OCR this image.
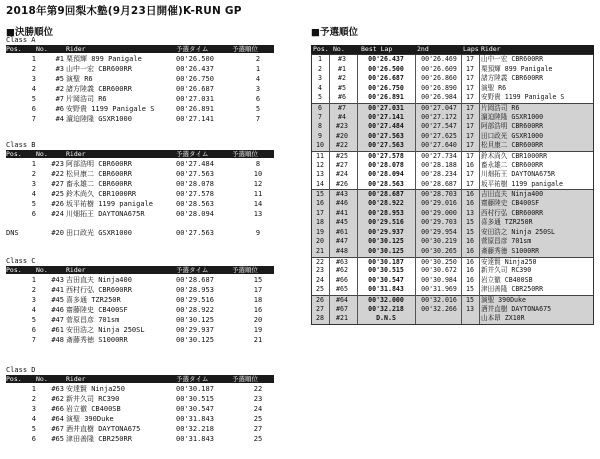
2018年第9回梨木塾(9月23日開催)K-RUN GP
■決勝順位	■予選順位
Class A
Pos. No.	Rider	予選タイム	予選順位
1	#1 栗預輝 899 Panigale	00'26.500	2
2	#3 山中一宏 CBR600RR	00'26.437	1
3	#5 演聖 R6	00'26.750	4
4	#2 諸方陸義 CBR600RR	00'26.687	3
5	#7 片岡浩司 R6	00'27.031	6
6	#6 安野貴 1199 Panigale S	00'26.891	5
7	#4 濵迫陸隆 GSXR1000	00'27.141	7
Class B
Pos. No.	Rider	予選タイム	予選順位
1	#23 阿部浩明 CBR600RR	00'27.484	8
2	#22 松貝康二 CBR600RR	00'27.563	10
3	#27 畜永雄二 CBR600RR	00'28.078	12
4	#25 鈴木尚久 CBR1000RR	00'27.578	11
5	#26 坂平祐樹 1199 panigale	00'28.563	14
6	#24 川畑拓王 DAYTONA675R	00'28.094	13
DNS	#20 田口政光 GSXR1000	00'27.563	9
Class C
Pos. No.	Rider	予選タイム	予選順位
1	#43 吉田直夫 Ninja400	00'28.687	15
2	#41 西村行弘 CBR600RR	00'28.953	17
3	#45 喜多通 TZR250R	00'29.516	18
4	#46 齋藤陸史 CB400SF	00'28.922	16
5	#47 菅原昌彦 701sm	00'30.125	20
6	#61 安田浩之 Ninja 250SL	00'29.937	19
7	#48 斎藤秀徳 S1000RR	00'30.125	21
Class D
Pos. No.	Rider	予選タイム	予選順位
1	#63 安達賢 Ninja250	00'30.187	22
2	#62 新井久司 RC390	00'30.515	23
3	#66 岩立徹 CB400SB	00'30.547	24
4	#64 演聖 390Duke	00'31.843	25
5	#67 酒井直樹 DAYTONA675	00'32.218	27
6	#65 津田善隆 CBR250RR	00'31.843	25
Pos. No.	Best Lap	2nd	Laps Rider
1	#3	00'26.437	00'26.469	17	山中一宏 CBR600RR
2	#1	00'26.500	00'26.609	17	栗預輝 899 Panigale
3	#2	00'26.687	00'26.860	17	諸方陸義 CBR600RR
4	#5	00'26.750	00'26.890	17	演聖 R6
5	#6	00'26.891	00'26.984	17	安野貴 1199 Panigale S
6	#7	00'27.031	00'27.047	17	片岡浩司 R6
7	#4	00'27.141	00'27.172	17	濵迫陸隆 GSXR1000
8	#23	00'27.484	00'27.547	17	阿部浩明 CBR600RR
9	#20	00'27.563	00'27.625	17	田口政光 GSXR1000
10	#22	00'27.563	00'27.640	17	松貝康二 CBR600RR
11	#25	00'27.578	00'27.734	17	鈴木尚久 CBR1000RR
12	#27	00'28.078	00'28.188	16	畜永雄二 CBR600RR
13	#24	00'28.094	00'28.234	17	川畑拓王 DAYTONA675R
14	#26	00'28.563	00'28.687	17	坂平祐樹 1199 panigale
15	#43	00'28.687	00'28.703	16	吉田直夫 Ninja400
16	#46	00'28.922	00'29.016	16	齋藤陸史 CB400SF
17	#41	00'28.953	00'29.000	13	西村行弘 CBR600RR
18	#45	00'29.516	00'29.703	15	喜多通 TZR250R
19	#61	00'29.937	00'29.954	15	安田浩之 Ninja 250SL
20	#47	00'30.125	00'30.219	16	菅原昌彦 701sm
21	#48	00'30.125	00'30.265	16	斎藤秀徳 S1000RR
22	#63	00'30.187	00'30.250	16	安達賢 Ninja250
23	#62	00'30.515	00'30.672	16	新井久司 RC390
24	#66	00'30.547	00'30.984	16	岩立徹 CB400SB
25	#65	00'31.843	00'31.969	15	津田善隆 CBR250RR
26	#64	00'32.000	00'32.016	15	演聖 390Duke
27	#67	00'32.218	00'32.266	13	酒井直樹 DAYTONA675
28	#21	D.N.S	山本昂 ZX10R
